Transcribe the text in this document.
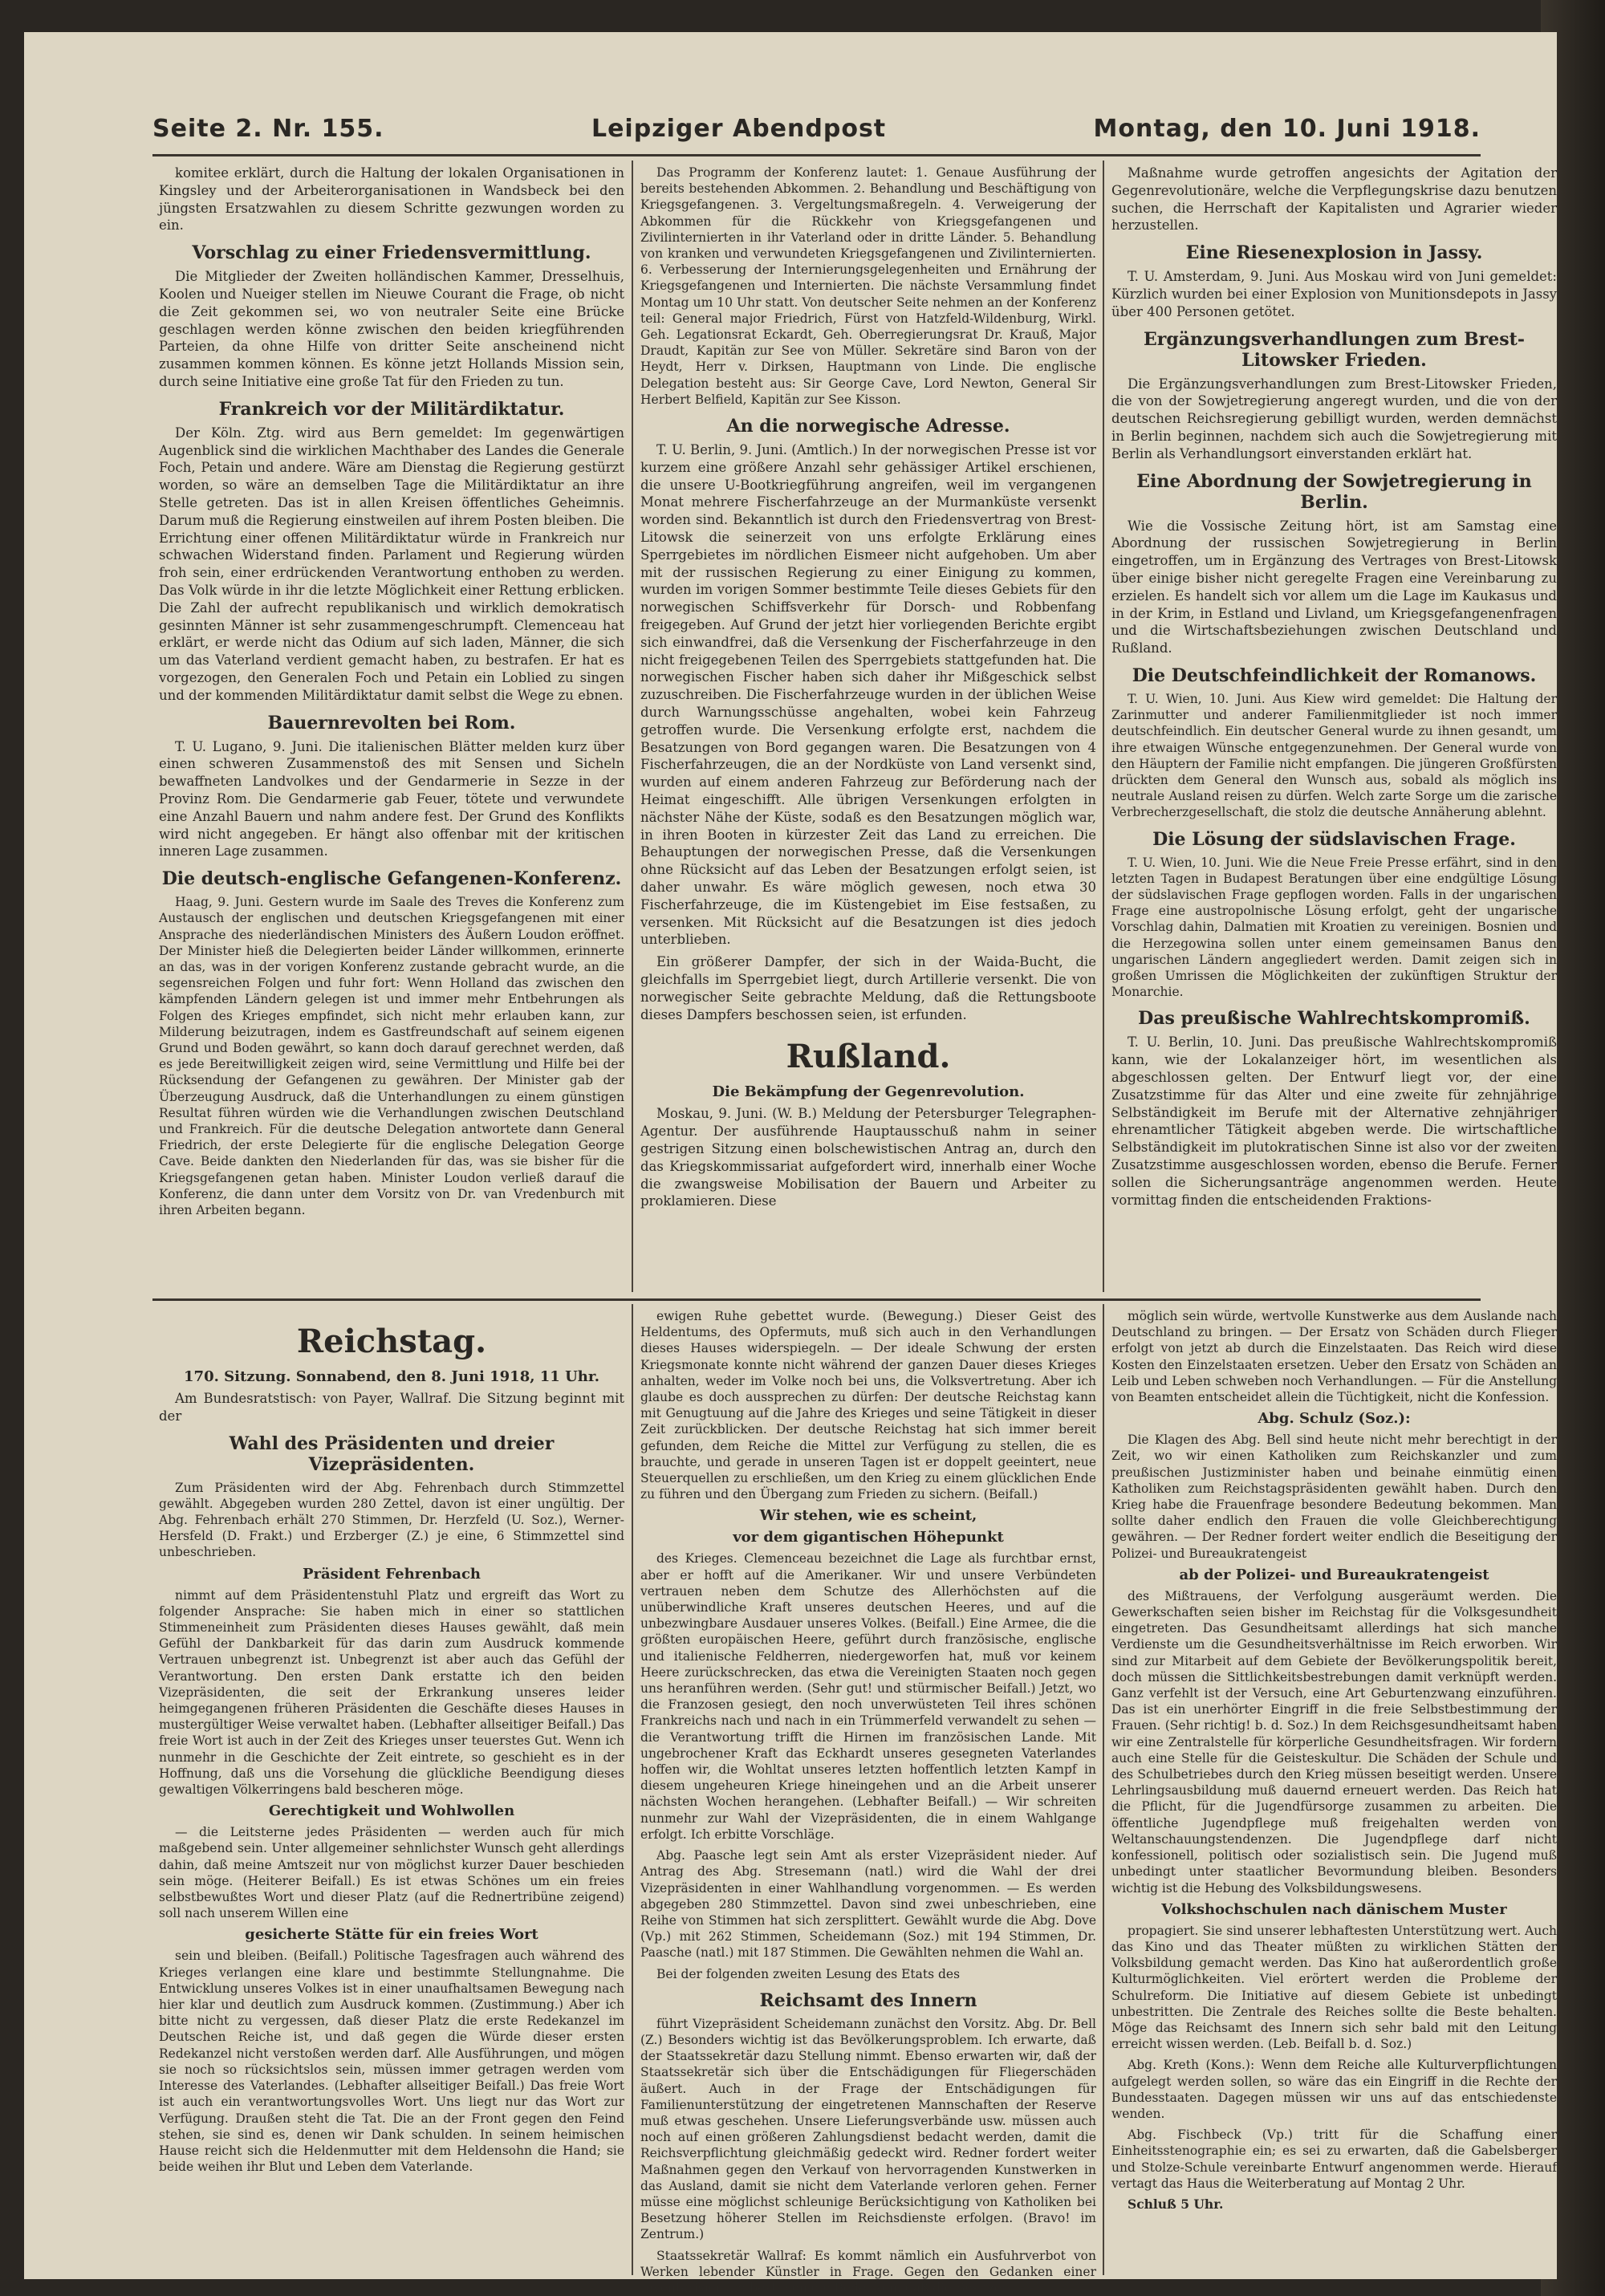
Seite 2. Nr. 155.	Leipziger Abendpost	Montag, den 10. Juni 1918.

komitee erklärt, durch die Haltung der lokalen Organisationen in Kingsley und der Arbeiterorganisationen in Wandsbeck bei den jüngsten Ersatzwahlen zu diesem Schritte gezwungen worden zu ein.

Vorschlag zu einer Friedensvermittlung.

Die Mitglieder der Zweiten holländischen Kammer, Dresselhuis, Koolen und Nueiger stellen im Nieuwe Courant die Frage, ob nicht die Zeit gekommen sei, wo von neutraler Seite eine Brücke geschlagen werden könne zwischen den beiden kriegführenden Parteien, da ohne Hilfe von dritter Seite anscheinend nicht zusammen kommen können. Es könne jetzt Hollands Mission sein, durch seine Initiative eine große Tat für den Frieden zu tun.

Frankreich vor der Militärdiktatur.

Der Köln. Ztg. wird aus Bern gemeldet: Im gegenwärtigen Augenblick sind die wirklichen Machthaber des Landes die Generale Foch, Petain und andere. Wäre am Dienstag die Regierung gestürzt worden, so wäre an demselben Tage die Militärdiktatur an ihre Stelle getreten. Das ist in allen Kreisen öffentliches Geheimnis. Darum muß die Regierung einstweilen auf ihrem Posten bleiben. Die Errichtung einer offenen Militärdiktatur würde in Frankreich nur schwachen Widerstand finden. Parlament und Regierung würden froh sein, einer erdrückenden Verantwortung enthoben zu werden. Das Volk würde in ihr die letzte Möglichkeit einer Rettung erblicken. Die Zahl der aufrecht republikanisch und wirklich demokratisch gesinnten Männer ist sehr zusammengeschrumpft. Clemenceau hat erklärt, er werde nicht das Odium auf sich laden, Männer, die sich um das Vaterland verdient gemacht haben, zu bestrafen. Er hat es vorgezogen, den Generalen Foch und Petain ein Loblied zu singen und der kommenden Militärdiktatur damit selbst die Wege zu ebnen.

Bauernrevolten bei Rom.

T. U. Lugano, 9. Juni. Die italienischen Blätter melden kurz über einen schweren Zusammenstoß des mit Sensen und Sicheln bewaffneten Landvolkes und der Gendarmerie in Sezze in der Provinz Rom. Die Gendarmerie gab Feuer, tötete und verwundete eine Anzahl Bauern und nahm andere fest. Der Grund des Konflikts wird nicht angegeben. Er hängt also offenbar mit der kritischen inneren Lage zusammen.

Die deutsch-englische Gefangenen-Konferenz.

Haag, 9. Juni. Gestern wurde im Saale des Treves die Konferenz zum Austausch der englischen und deutschen Kriegsgefangenen mit einer Ansprache des niederländischen Ministers des Äußern Loudon eröffnet. Der Minister hieß die Delegierten beider Länder willkommen, erinnerte an das, was in der vorigen Konferenz zustande gebracht wurde, an die segensreichen Folgen und fuhr fort: Wenn Holland das zwischen den kämpfenden Ländern gelegen ist und immer mehr Entbehrungen als Folgen des Krieges empfindet, sich nicht mehr erlauben kann, zur Milderung beizutragen, indem es Gastfreundschaft auf seinem eigenen Grund und Boden gewährt, so kann doch darauf gerechnet werden, daß es jede Bereitwilligkeit zeigen wird, seine Vermittlung und Hilfe bei der Rücksendung der Gefangenen zu gewähren. Der Minister gab der Überzeugung Ausdruck, daß die Unterhandlungen zu einem günstigen Resultat führen würden wie die Verhandlungen zwischen Deutschland und Frankreich. Für die deutsche Delegation antwortete dann General Friedrich, der erste Delegierte für die englische Delegation George Cave. Beide dankten den Niederlanden für das, was sie bisher für die Kriegsgefangenen getan haben. Minister Loudon verließ darauf die Konferenz, die dann unter dem Vorsitz von Dr. van Vredenburch mit ihren Arbeiten begann.

Das Programm der Konferenz lautet: 1. Genaue Ausführung der bereits bestehenden Abkommen. 2. Behandlung und Beschäftigung von Kriegsgefangenen. 3. Vergeltungsmaßregeln. 4. Verweigerung der Abkommen für die Rückkehr von Kriegsgefangenen und Zivilinternierten in ihr Vaterland oder in dritte Länder. 5. Behandlung von kranken und verwundeten Kriegsgefangenen und Zivilinternierten. 6. Verbesserung der Internierungsgelegenheiten und Ernährung der Kriegsgefangenen und Internierten. Die nächste Versammlung findet Montag um 10 Uhr statt. Von deutscher Seite nehmen an der Konferenz teil: General major Friedrich, Fürst von Hatzfeld-Wildenburg, Wirkl. Geh. Legationsrat Eckardt, Geh. Oberregierungsrat Dr. Krauß, Major Draudt, Kapitän zur See von Müller. Sekretäre sind Baron von der Heydt, Herr v. Dirksen, Hauptmann von Linde. Die englische Delegation besteht aus: Sir George Cave, Lord Newton, General Sir Herbert Belfield, Kapitän zur See Kisson.

An die norwegische Adresse.

T. U. Berlin, 9. Juni. (Amtlich.) In der norwegischen Presse ist vor kurzem eine größere Anzahl sehr gehässiger Artikel erschienen, die unsere U-Bootkriegführung angreifen, weil im vergangenen Monat mehrere Fischerfahrzeuge an der Murmanküste versenkt worden sind. Bekanntlich ist durch den Friedensvertrag von Brest-Litowsk die seinerzeit von uns erfolgte Erklärung eines Sperrgebietes im nördlichen Eismeer nicht aufgehoben. Um aber mit der russischen Regierung zu einer Einigung zu kommen, wurden im vorigen Sommer bestimmte Teile dieses Gebiets für den norwegischen Schiffsverkehr für Dorsch- und Robbenfang freigegeben. Auf Grund der jetzt hier vorliegenden Berichte ergibt sich einwandfrei, daß die Versenkung der Fischerfahrzeuge in den nicht freigegebenen Teilen des Sperrgebiets stattgefunden hat. Die norwegischen Fischer haben sich daher ihr Mißgeschick selbst zuzuschreiben. Die Fischerfahrzeuge wurden in der üblichen Weise durch Warnungsschüsse angehalten, wobei kein Fahrzeug getroffen wurde. Die Versenkung erfolgte erst, nachdem die Besatzungen von Bord gegangen waren. Die Besatzungen von 4 Fischerfahrzeugen, die an der Nordküste von Land versenkt sind, wurden auf einem anderen Fahrzeug zur Beförderung nach der Heimat eingeschifft. Alle übrigen Versenkungen erfolgten in nächster Nähe der Küste, sodaß es den Besatzungen möglich war, in ihren Booten in kürzester Zeit das Land zu erreichen. Die Behauptungen der norwegischen Presse, daß die Versenkungen ohne Rücksicht auf das Leben der Besatzungen erfolgt seien, ist daher unwahr. Es wäre möglich gewesen, noch etwa 30 Fischerfahrzeuge, die im Küstengebiet im Eise festsaßen, zu versenken. Mit Rücksicht auf die Besatzungen ist dies jedoch unterblieben.

Ein größerer Dampfer, der sich in der Waida-Bucht, die gleichfalls im Sperrgebiet liegt, durch Artillerie versenkt. Die von norwegischer Seite gebrachte Meldung, daß die Rettungsboote dieses Dampfers beschossen seien, ist erfunden.

Rußland.
Die Bekämpfung der Gegenrevolution.

Moskau, 9. Juni. (W. B.) Meldung der Petersburger Telegraphen-Agentur. Der ausführende Hauptausschuß nahm in seiner gestrigen Sitzung einen bolschewistischen Antrag an, durch den das Kriegskommissariat aufgefordert wird, innerhalb einer Woche die zwangsweise Mobilisation der Bauern und Arbeiter zu proklamieren. Diese

Maßnahme wurde getroffen angesichts der Agitation der Gegenrevolutionäre, welche die Verpflegungskrise dazu benutzen suchen, die Herrschaft der Kapitalisten und Agrarier wieder herzustellen.

Eine Riesenexplosion in Jassy.

T. U. Amsterdam, 9. Juni. Aus Moskau wird von Juni gemeldet: Kürzlich wurden bei einer Explosion von Munitionsdepots in Jassy über 400 Personen getötet.

Ergänzungsverhandlungen zum Brest-Litowsker Frieden.

Die Ergänzungsverhandlungen zum Brest-Litowsker Frieden, die von der Sowjetregierung angeregt wurden, und die von der deutschen Reichsregierung gebilligt wurden, werden demnächst in Berlin beginnen, nachdem sich auch die Sowjetregierung mit Berlin als Verhandlungsort einverstanden erklärt hat.

Eine Abordnung der Sowjetregierung in Berlin.

Wie die Vossische Zeitung hört, ist am Samstag eine Abordnung der russischen Sowjetregierung in Berlin eingetroffen, um in Ergänzung des Vertrages von Brest-Litowsk über einige bisher nicht geregelte Fragen eine Vereinbarung zu erzielen. Es handelt sich vor allem um die Lage im Kaukasus und in der Krim, in Estland und Livland, um Kriegsgefangenenfragen und die Wirtschaftsbeziehungen zwischen Deutschland und Rußland.

Die Deutschfeindlichkeit der Romanows.

T. U. Wien, 10. Juni. Aus Kiew wird gemeldet: Die Haltung der Zarinmutter und anderer Familienmitglieder ist noch immer deutschfeindlich. Ein deutscher General wurde zu ihnen gesandt, um ihre etwaigen Wünsche entgegenzunehmen. Der General wurde von den Häuptern der Familie nicht empfangen. Die jüngeren Großfürsten drückten dem General den Wunsch aus, sobald als möglich ins neutrale Ausland reisen zu dürfen. Welch zarte Sorge um die zarische Verbrecherzgesellschaft, die stolz die deutsche Annäherung ablehnt.

Die Lösung der südslavischen Frage.

T. U. Wien, 10. Juni. Wie die Neue Freie Presse erfährt, sind in den letzten Tagen in Budapest Beratungen über eine endgültige Lösung der südslavischen Frage gepflogen worden. Falls in der ungarischen Frage eine austropolnische Lösung erfolgt, geht der ungarische Vorschlag dahin, Dalmatien mit Kroatien zu vereinigen. Bosnien und die Herzegowina sollen unter einem gemeinsamen Banus den ungarischen Ländern angegliedert werden. Damit zeigen sich in großen Umrissen die Möglichkeiten der zukünftigen Struktur der Monarchie.

Das preußische Wahlrechtskompromiß.

T. U. Berlin, 10. Juni. Das preußische Wahlrechtskompromiß kann, wie der Lokalanzeiger hört, im wesentlichen als abgeschlossen gelten. Der Entwurf liegt vor, der eine Zusatzstimme für das Alter und eine zweite für zehnjährige Selbständigkeit im Berufe mit der Alternative zehnjähriger ehrenamtlicher Tätigkeit abgeben werde. Die wirtschaftliche Selbständigkeit im plutokratischen Sinne ist also vor der zweiten Zusatzstimme ausgeschlossen worden, ebenso die Berufe. Ferner sollen die Sicherungsanträge angenommen werden. Heute vormittag finden die entscheidenden Fraktions-

Reichstag.
170. Sitzung. Sonnabend, den 8. Juni 1918, 11 Uhr.

Am Bundesratstisch: von Payer, Wallraf. Die Sitzung beginnt mit der

Wahl des Präsidenten und dreier Vizepräsidenten.

Zum Präsidenten wird der Abg. Fehrenbach durch Stimmzettel gewählt. Abgegeben wurden 280 Zettel, davon ist einer ungültig. Der Abg. Fehrenbach erhält 270 Stimmen, Dr. Herzfeld (U. Soz.), Werner-Hersfeld (D. Frakt.) und Erzberger (Z.) je eine, 6 Stimmzettel sind unbeschrieben.

Präsident Fehrenbach

nimmt auf dem Präsidentenstuhl Platz und ergreift das Wort zu folgender Ansprache: Sie haben mich in einer so stattlichen Stimmeneinheit zum Präsidenten dieses Hauses gewählt, daß mein Gefühl der Dankbarkeit für das darin zum Ausdruck kommende Vertrauen unbegrenzt ist. Unbegrenzt ist aber auch das Gefühl der Verantwortung. Den ersten Dank erstatte ich den beiden Vizepräsidenten, die seit der Erkrankung unseres leider heimgegangenen früheren Präsidenten die Geschäfte dieses Hauses in mustergültiger Weise verwaltet haben. (Lebhafter allseitiger Beifall.) Das freie Wort ist auch in der Zeit des Krieges unser teuerstes Gut. Wenn ich nunmehr in die Geschichte der Zeit eintrete, so geschieht es in der Hoffnung, daß uns die Vorsehung die glückliche Beendigung dieses gewaltigen Völkerringens bald bescheren möge.

Gerechtigkeit und Wohlwollen

— die Leitsterne jedes Präsidenten — werden auch für mich maßgebend sein. Unter allgemeiner sehnlichster Wunsch geht allerdings dahin, daß meine Amtszeit nur von möglichst kurzer Dauer beschieden sein möge. (Heiterer Beifall.) Es ist etwas Schönes um ein freies selbstbewußtes Wort und dieser Platz (auf die Rednertribüne zeigend) soll nach unserem Willen eine

gesicherte Stätte für ein freies Wort

sein und bleiben. (Beifall.) Politische Tagesfragen auch während des Krieges verlangen eine klare und bestimmte Stellungnahme. Die Entwicklung unseres Volkes ist in einer unaufhaltsamen Bewegung nach hier klar und deutlich zum Ausdruck kommen. (Zustimmung.) Aber ich bitte nicht zu vergessen, daß dieser Platz die erste Redekanzel im Deutschen Reiche ist, und daß gegen die Würde dieser ersten Redekanzel nicht verstoßen werden darf. Alle Ausführungen, und mögen sie noch so rücksichtslos sein, müssen immer getragen werden vom Interesse des Vaterlandes. (Lebhafter allseitiger Beifall.) Das freie Wort ist auch ein verantwortungsvolles Wort. Uns liegt nur das Wort zur Verfügung. Draußen steht die Tat. Die an der Front gegen den Feind stehen, sie sind es, denen wir Dank schulden. In seinem heimischen Hause reicht sich die Heldenmutter mit dem Heldensohn die Hand; sie beide weihen ihr Blut und Leben dem Vaterlande.

ewigen Ruhe gebettet wurde. (Bewegung.) Dieser Geist des Heldentums, des Opfermuts, muß sich auch in den Verhandlungen dieses Hauses widerspiegeln. — Der ideale Schwung der ersten Kriegsmonate konnte nicht während der ganzen Dauer dieses Krieges anhalten, weder im Volke noch bei uns, die Volksvertretung. Aber ich glaube es doch aussprechen zu dürfen: Der deutsche Reichstag kann mit Genugtuung auf die Jahre des Krieges und seine Tätigkeit in dieser Zeit zurückblicken. Der deutsche Reichstag hat sich immer bereit gefunden, dem Reiche die Mittel zur Verfügung zu stellen, die es brauchte, und gerade in unseren Tagen ist er doppelt geeintert, neue Steuerquellen zu erschließen, um den Krieg zu einem glücklichen Ende zu führen und den Übergang zum Frieden zu sichern. (Beifall.)

Wir stehen, wie es scheint,
vor dem gigantischen Höhepunkt

des Krieges. Clemenceau bezeichnet die Lage als furchtbar ernst, aber er hofft auf die Amerikaner. Wir und unsere Verbündeten vertrauen neben dem Schutze des Allerhöchsten auf die unüberwindliche Kraft unseres deutschen Heeres, und auf die unbezwingbare Ausdauer unseres Volkes. (Beifall.) Eine Armee, die die größten europäischen Heere, geführt durch französische, englische und italienische Feldherren, niedergeworfen hat, muß vor keinem Heere zurückschrecken, das etwa die Vereinigten Staaten noch gegen uns heranführen werden. (Sehr gut! und stürmischer Beifall.) Jetzt, wo die Franzosen gesiegt, den noch unverwüsteten Teil ihres schönen Frankreichs nach und nach in ein Trümmerfeld verwandelt zu sehen — die Verantwortung trifft die Hirnen im französischen Lande. Mit ungebrochener Kraft das Eckhardt unseres gesegneten Vaterlandes hoffen wir, die Wohltat unseres letzten hoffentlich letzten Kampf in diesem ungeheuren Kriege hineingehen und an die Arbeit unserer nächsten Wochen herangehen. (Lebhafter Beifall.) — Wir schreiten nunmehr zur Wahl der Vizepräsidenten, die in einem Wahlgange erfolgt. Ich erbitte Vorschläge.

Abg. Paasche legt sein Amt als erster Vizepräsident nieder. Auf Antrag des Abg. Stresemann (natl.) wird die Wahl der drei Vizepräsidenten in einer Wahlhandlung vorgenommen. — Es werden abgegeben 280 Stimmzettel. Davon sind zwei unbeschrieben, eine Reihe von Stimmen hat sich zersplittert. Gewählt wurde die Abg. Dove (Vp.) mit 262 Stimmen, Scheidemann (Soz.) mit 194 Stimmen, Dr. Paasche (natl.) mit 187 Stimmen. Die Gewählten nehmen die Wahl an.

Bei der folgenden zweiten Lesung des Etats des

Reichsamt des Innern

führt Vizepräsident Scheidemann zunächst den Vorsitz. Abg. Dr. Bell (Z.) Besonders wichtig ist das Bevölkerungsproblem. Ich erwarte, daß der Staatssekretär dazu Stellung nimmt. Ebenso erwarten wir, daß der Staatssekretär sich über die Entschädigungen für Fliegerschäden äußert. Auch in der Frage der Entschädigungen für Familienunterstützung der eingetretenen Mannschaften der Reserve muß etwas geschehen. Unsere Lieferungsverbände usw. müssen auch noch auf einen größeren Zahlungsdienst bedacht werden, damit die Reichsverpflichtung gleichmäßig gedeckt wird. Redner fordert weiter Maßnahmen gegen den Verkauf von hervorragenden Kunstwerken in das Ausland, damit sie nicht dem Vaterlande verloren gehen. Ferner müsse eine möglichst schleunige Berücksichtigung von Katholiken bei Besetzung höherer Stellen im Reichsdienste erfolgen. (Bravo! im Zentrum.)

Staatssekretär Wallraf: Es kommt nämlich ein Ausfuhrverbot von Werken lebender Künstler in Frage. Gegen den Gedanken einer Inventarisierung bestehen die Bedenken, daß die Besitzer

möglich sein würde, wertvolle Kunstwerke aus dem Auslande nach Deutschland zu bringen. — Der Ersatz von Schäden durch Flieger erfolgt von jetzt ab durch die Einzelstaaten. Das Reich wird diese Kosten den Einzelstaaten ersetzen. Ueber den Ersatz von Schäden an Leib und Leben schweben noch Verhandlungen. — Für die Anstellung von Beamten entscheidet allein die Tüchtigkeit, nicht die Konfession.

Abg. Schulz (Soz.):

Die Klagen des Abg. Bell sind heute nicht mehr berechtigt in der Zeit, wo wir einen Katholiken zum Reichskanzler und zum preußischen Justizminister haben und beinahe einmütig einen Katholiken zum Reichstagspräsidenten gewählt haben. Durch den Krieg habe die Frauenfrage besondere Bedeutung bekommen. Man sollte daher endlich den Frauen die volle Gleichberechtigung gewähren. — Der Redner fordert weiter endlich die Beseitigung der Polizei- und Bureaukratengeist

ab der Polizei- und Bureaukratengeist

des Mißtrauens, der Verfolgung ausgeräumt werden. Die Gewerkschaften seien bisher im Reichstag für die Volksgesundheit eingetreten. Das Gesundheitsamt allerdings hat sich manche Verdienste um die Gesundheitsverhältnisse im Reich erworben. Wir sind zur Mitarbeit auf dem Gebiete der Bevölkerungspolitik bereit, doch müssen die Sittlichkeitsbestrebungen damit verknüpft werden. Ganz verfehlt ist der Versuch, eine Art Geburtenzwang einzuführen. Das ist ein unerhörter Eingriff in die freie Selbstbestimmung der Frauen. (Sehr richtig! b. d. Soz.) In dem Reichsgesundheitsamt haben wir eine Zentralstelle für körperliche Gesundheitsfragen. Wir fordern auch eine Stelle für die Geisteskultur. Die Schäden der Schule und des Schulbetriebes durch den Krieg müssen beseitigt werden. Unsere Lehrlingsausbildung muß dauernd erneuert werden. Das Reich hat die Pflicht, für die Jugendfürsorge zusammen zu arbeiten. Die öffentliche Jugendpflege muß freigehalten werden von Weltanschauungstendenzen. Die Jugendpflege darf nicht konfessionell, politisch oder sozialistisch sein. Die Jugend muß unbedingt unter staatlicher Bevormundung bleiben. Besonders wichtig ist die Hebung des Volksbildungswesens.

Volkshochschulen nach dänischem Muster

propagiert. Sie sind unserer lebhaftesten Unterstützung wert. Auch das Kino und das Theater müßten zu wirklichen Stätten der Volksbildung gemacht werden. Das Kino hat außerordentlich große Kulturmöglichkeiten. Viel erörtert werden die Probleme der Schulreform. Die Initiative auf diesem Gebiete ist unbedingt unbestritten. Die Zentrale des Reiches sollte die Beste behalten. Möge das Reichsamt des Innern sich sehr bald mit den Leitung erreicht wissen werden. (Leb. Beifall b. d. Soz.)

Abg. Kreth (Kons.): Wenn dem Reiche alle Kulturverpflichtungen aufgelegt werden sollen, so wäre das ein Eingriff in die Rechte der Bundesstaaten. Dagegen müssen wir uns auf das entschiedenste wenden.

Abg. Fischbeck (Vp.) tritt für die Schaffung einer Einheitsstenographie ein; es sei zu erwarten, daß die Gabelsberger und Stolze-Schule vereinbarte Entwurf angenommen werde. Hierauf vertagt das Haus die Weiterberatung auf Montag 2 Uhr.

Schluß 5 Uhr.
